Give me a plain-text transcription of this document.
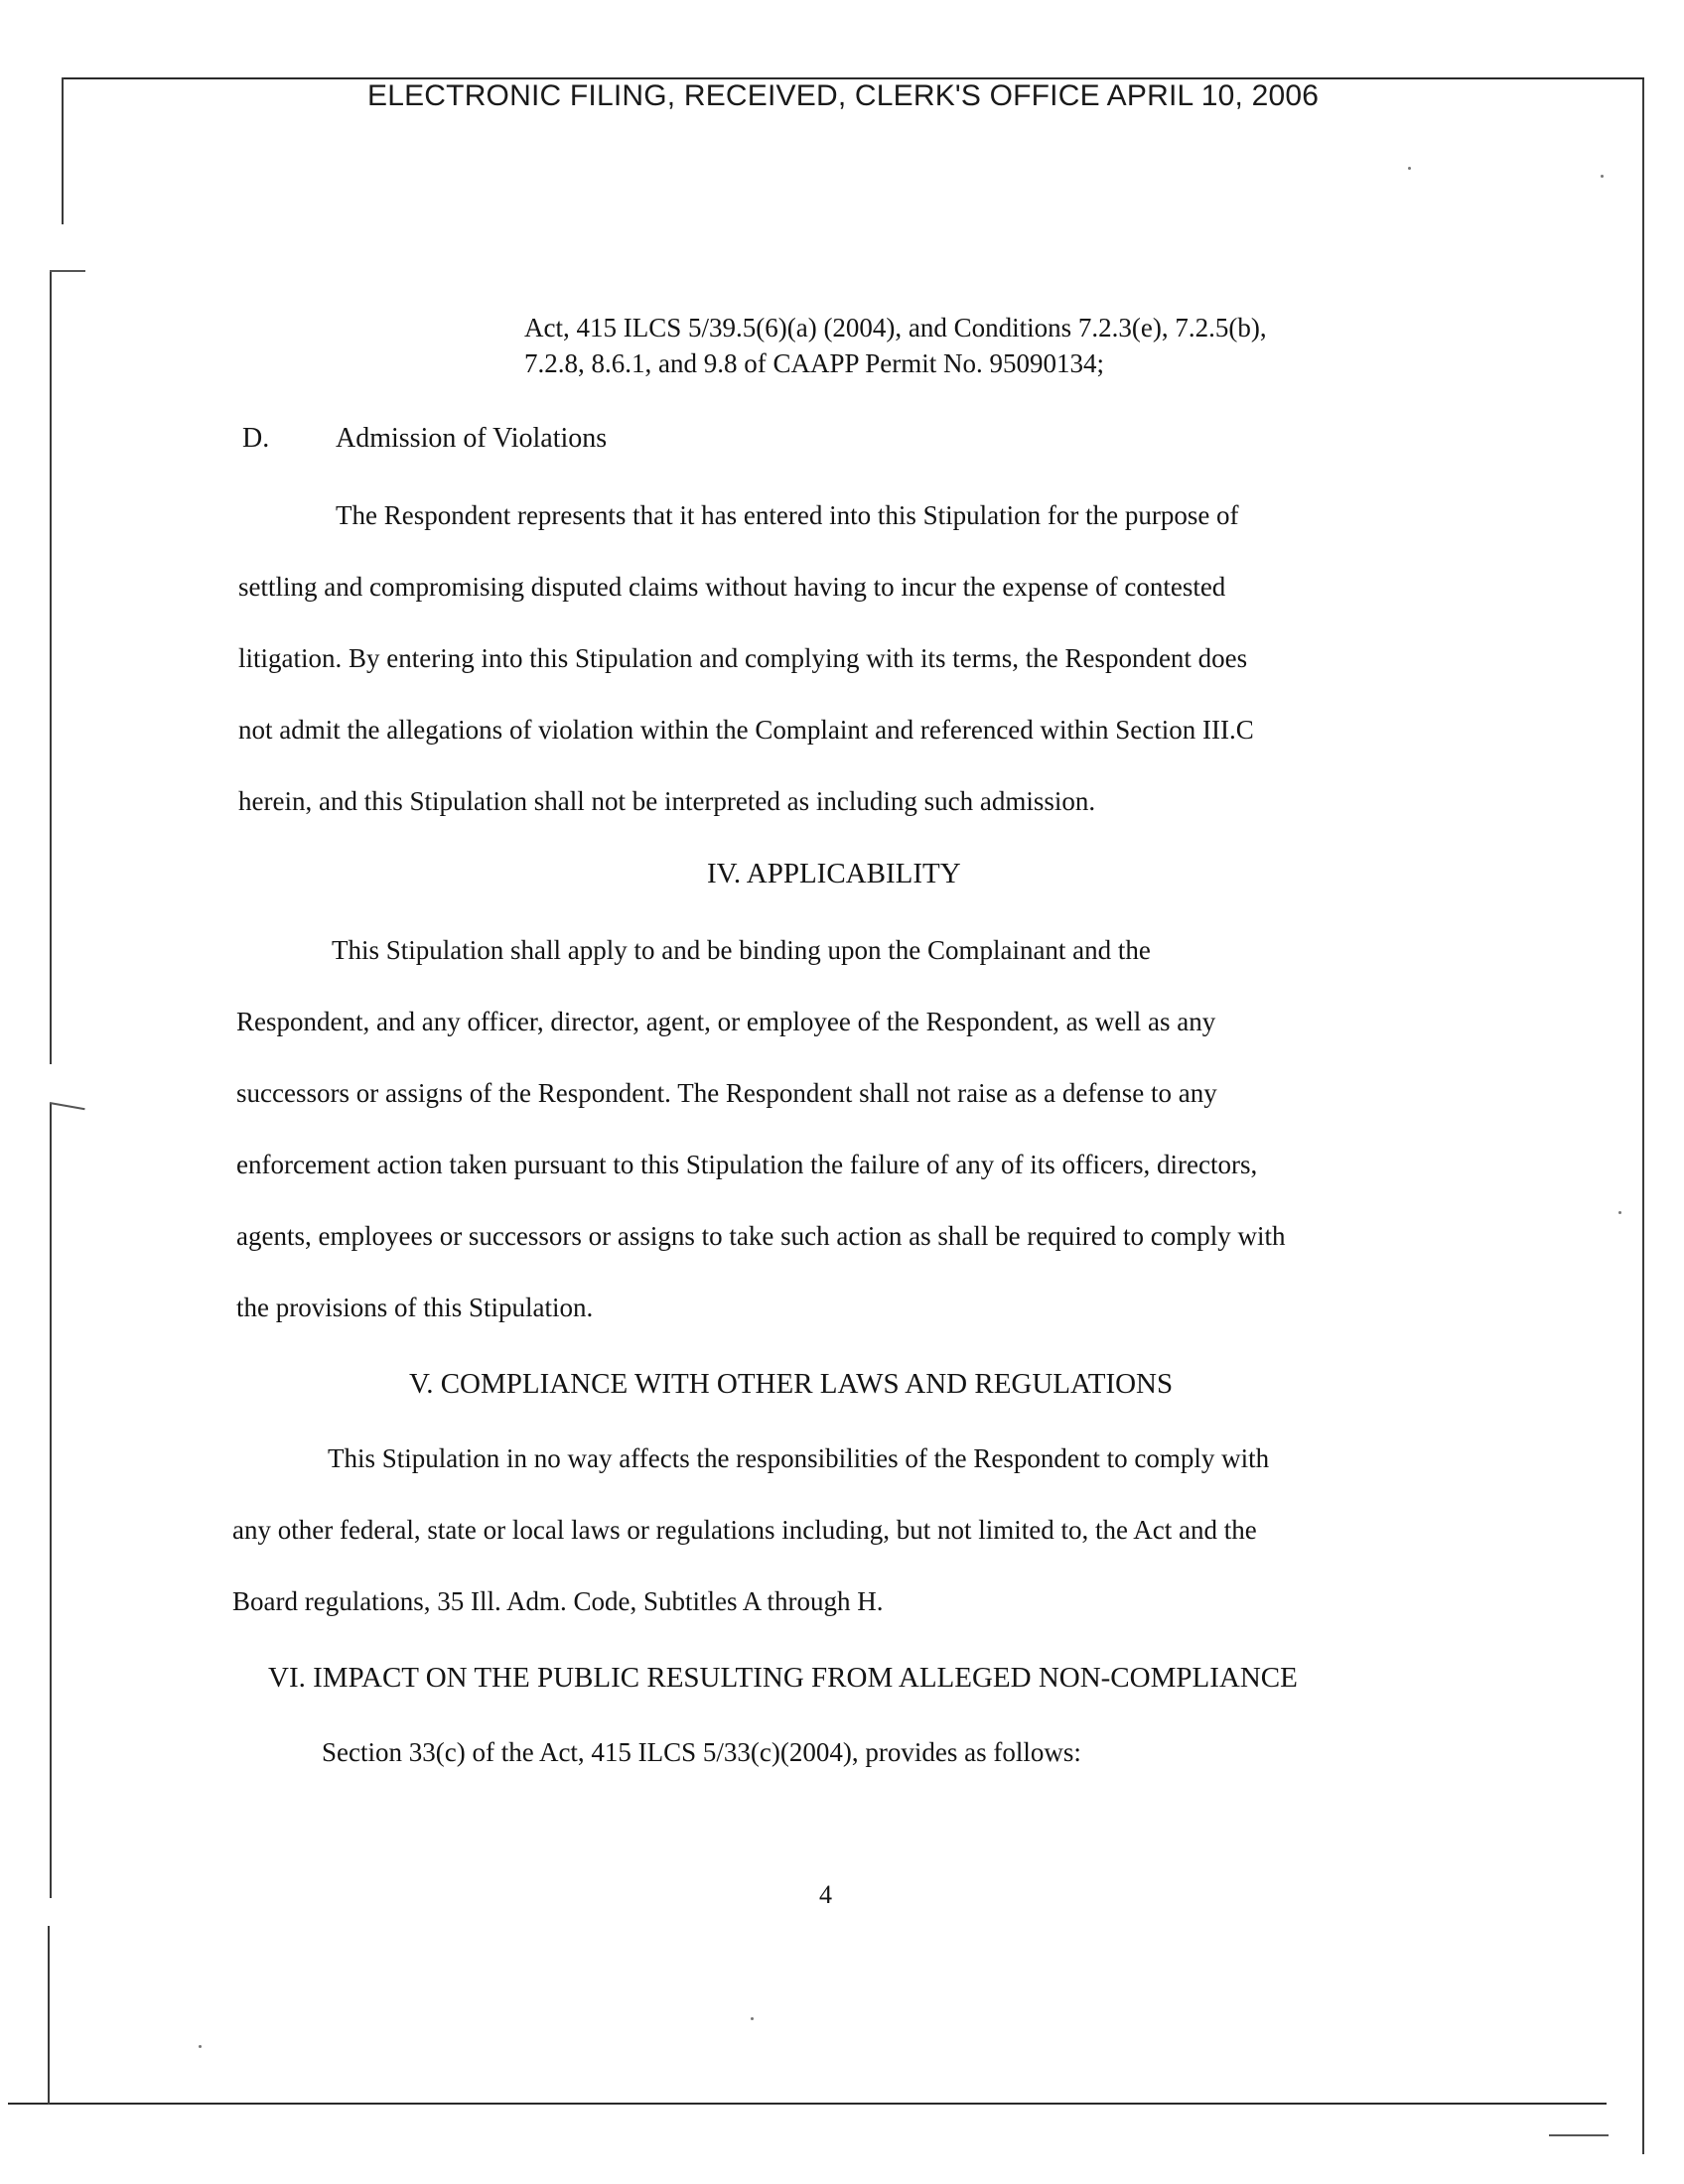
ELECTRONIC FILING, RECEIVED, CLERK'S OFFICE APRIL 10, 2006
Act, 415 ILCS 5/39.5(6)(a) (2004), and Conditions 7.2.3(e), 7.2.5(b),
7.2.8, 8.6.1, and 9.8 of CAAPP Permit No. 95090134;
D. Admission of Violations
The Respondent represents that it has entered into this Stipulation for the purpose of
settling and compromising disputed claims without having to incur the expense of contested
litigation. By entering into this Stipulation and complying with its terms, the Respondent does
not admit the allegations of violation within the Complaint and referenced within Section III.C
herein, and this Stipulation shall not be interpreted as including such admission.
IV. APPLICABILITY
This Stipulation shall apply to and be binding upon the Complainant and the
Respondent, and any officer, director, agent, or employee of the Respondent, as well as any
successors or assigns of the Respondent. The Respondent shall not raise as a defense to any
enforcement action taken pursuant to this Stipulation the failure of any of its officers, directors,
agents, employees or successors or assigns to take such action as shall be required to comply with
the provisions of this Stipulation.
V. COMPLIANCE WITH OTHER LAWS AND REGULATIONS
This Stipulation in no way affects the responsibilities of the Respondent to comply with
any other federal, state or local laws or regulations including, but not limited to, the Act and the
Board regulations, 35 Ill. Adm. Code, Subtitles A through H.
VI. IMPACT ON THE PUBLIC RESULTING FROM ALLEGED NON-COMPLIANCE
Section 33(c) of the Act, 415 ILCS 5/33(c)(2004), provides as follows:
4
